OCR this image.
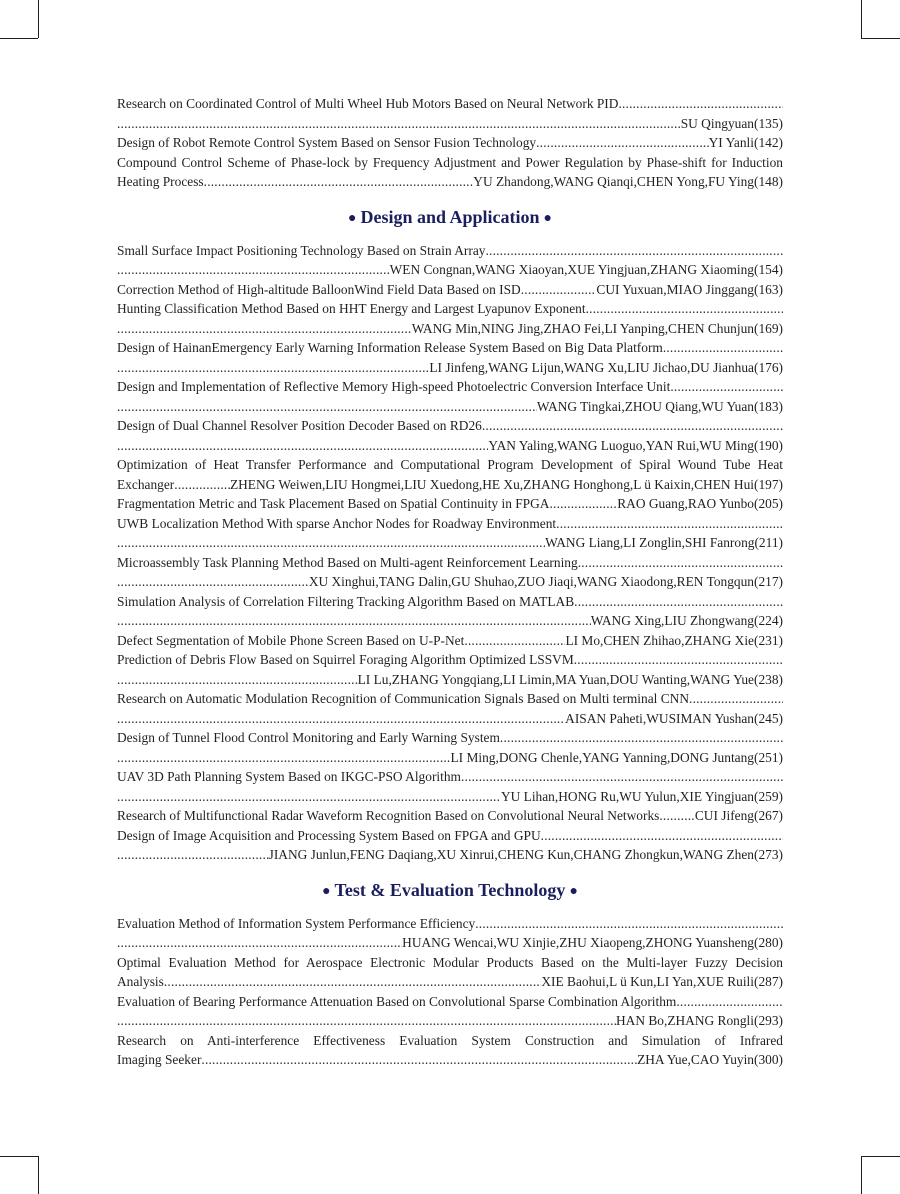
Research on Coordinated Control of Multi Wheel Hub Motors Based on Neural Network PID
.....
.....
SU Qingyuan(135)
Design of Robot Remote Control System Based on Sensor Fusion Technology .....	YI Yanli(142)
Compound Control Scheme of Phase-lock by Frequency Adjustment and Power Regulation by Phase-shift for Induction
Heating Process .....	YU Zhandong,WANG Qianqi,CHEN Yong,FU Ying(148)
● Design and Application ●
Small Surface Impact Positioning Technology Based on Strain Array
.....
.....
WEN Congnan,WANG Xiaoyan,XUE Yingjuan,ZHANG Xiaoming(154)
Correction Method of High-altitude BalloonWind Field Data Based on ISD .....	CUI Yuxuan,MIAO Jinggang(163)
Hunting Classification Method Based on HHT Energy and Largest Lyapunov Exponent
.....
.....
WANG Min,NING Jing,ZHAO Fei,LI Yanping,CHEN Chunjun(169)
Design of HainanEmergency Early Warning Information Release System Based on Big Data Platform
.....
.....
LI Jinfeng,WANG Lijun,WANG Xu,LIU Jichao,DU Jianhua(176)
Design and Implementation of Reflective Memory High-speed Photoelectric Conversion Interface Unit
.....
.....
WANG Tingkai,ZHOU Qiang,WU Yuan(183)
Design of Dual Channel Resolver Position Decoder Based on RD26
.....
.....
YAN Yaling,WANG Luoguo,YAN Rui,WU Ming(190)
Optimization of Heat Transfer Performance and Computational Program Development of Spiral Wound Tube Heat
Exchanger .....	ZHENG Weiwen,LIU Hongmei,LIU Xuedong,HE Xu,ZHANG Honghong,L ü Kaixin,CHEN Hui(197)
Fragmentation Metric and Task Placement Based on Spatial Continuity in FPGA .....	RAO Guang,RAO Yunbo(205)
UWB Localization Method With sparse Anchor Nodes for Roadway Environment
.....
.....
WANG Liang,LI Zonglin,SHI Fanrong(211)
Microassembly Task Planning Method Based on Multi-agent Reinforcement Learning
.....
.....
XU Xinghui,TANG Dalin,GU Shuhao,ZUO Jiaqi,WANG Xiaodong,REN Tongqun(217)
Simulation Analysis of Correlation Filtering Tracking Algorithm Based on MATLAB
.....
.....
WANG Xing,LIU Zhongwang(224)
Defect Segmentation of Mobile Phone Screen Based on U-P-Net .....	LI Mo,CHEN Zhihao,ZHANG Xie(231)
Prediction of Debris Flow Based on Squirrel Foraging Algorithm Optimized LSSVM
.....
.....
LI Lu,ZHANG Yongqiang,LI Limin,MA Yuan,DOU Wanting,WANG Yue(238)
Research on Automatic Modulation Recognition of Communication Signals Based on Multi terminal CNN
.....
.....
AISAN Paheti,WUSIMAN Yushan(245)
Design of Tunnel Flood Control Monitoring and Early Warning System
.....
.....
LI Ming,DONG Chenle,YANG Yanning,DONG Juntang(251)
UAV 3D Path Planning System Based on IKGC-PSO Algorithm
.....
.....
YU Lihan,HONG Ru,WU Yulun,XIE Yingjuan(259)
Research of Multifunctional Radar Waveform Recognition Based on Convolutional Neural Networks .....	CUI Jifeng(267)
Design of Image Acquisition and Processing System Based on FPGA and GPU
.....
.....
JIANG Junlun,FENG Daqiang,XU Xinrui,CHENG Kun,CHANG Zhongkun,WANG Zhen(273)
● Test & Evaluation Technology ●
Evaluation Method of Information System Performance Efficiency
.....
.....
HUANG Wencai,WU Xinjie,ZHU Xiaopeng,ZHONG Yuansheng(280)
Optimal Evaluation Method for Aerospace Electronic Modular Products Based on the Multi-layer Fuzzy Decision
Analysis .....	XIE Baohui,L ü Kun,LI Yan,XUE Ruili(287)
Evaluation of Bearing Performance Attenuation Based on Convolutional Sparse Combination Algorithm
.....
.....
HAN Bo,ZHANG Rongli(293)
Research on Anti-interference Effectiveness Evaluation System Construction and Simulation of Infrared
Imaging Seeker .....	ZHA Yue,CAO Yuyin(300)
